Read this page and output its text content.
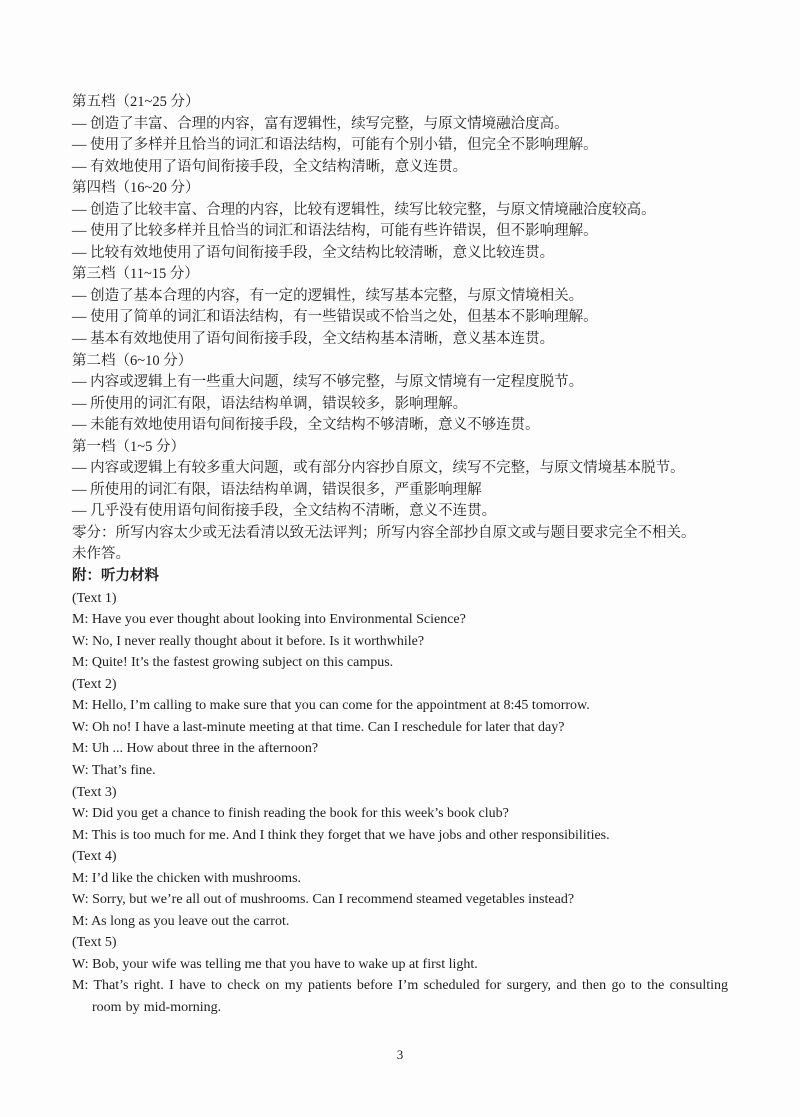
第五档（21~25 分）
— 创造了丰富、合理的内容，富有逻辑性，续写完整，与原文情境融洽度高。
— 使用了多样并且恰当的词汇和语法结构，可能有个别小错，但完全不影响理解。
— 有效地使用了语句间衔接手段，全文结构清晰，意义连贯。
第四档（16~20 分）
— 创造了比较丰富、合理的内容，比较有逻辑性，续写比较完整，与原文情境融洽度较高。
— 使用了比较多样并且恰当的词汇和语法结构，可能有些许错误，但不影响理解。
— 比较有效地使用了语句间衔接手段，全文结构比较清晰，意义比较连贯。
第三档（11~15 分）
— 创造了基本合理的内容，有一定的逻辑性，续写基本完整，与原文情境相关。
— 使用了简单的词汇和语法结构，有一些错误或不恰当之处，但基本不影响理解。
— 基本有效地使用了语句间衔接手段，全文结构基本清晰，意义基本连贯。
第二档（6~10 分）
— 内容或逻辑上有一些重大问题，续写不够完整，与原文情境有一定程度脱节。
— 所使用的词汇有限，语法结构单调，错误较多，影响理解。
— 未能有效地使用语句间衔接手段，全文结构不够清晰，意义不够连贯。
第一档（1~5 分）
— 内容或逻辑上有较多重大问题，或有部分内容抄自原文，续写不完整，与原文情境基本脱节。
— 所使用的词汇有限，语法结构单调，错误很多，严重影响理解
— 几乎没有使用语句间衔接手段，全文结构不清晰，意义不连贯。
零分：所写内容太少或无法看清以致无法评判；所写内容全部抄自原文或与题目要求完全不相关。
未作答。
附：听力材料
(Text 1)
M: Have you ever thought about looking into Environmental Science?
W: No, I never really thought about it before. Is it worthwhile?
M: Quite! It’s the fastest growing subject on this campus.
(Text 2)
M: Hello, I’m calling to make sure that you can come for the appointment at 8:45 tomorrow.
W: Oh no! I have a last-minute meeting at that time. Can I reschedule for later that day?
M: Uh ... How about three in the afternoon?
W: That’s fine.
(Text 3)
W: Did you get a chance to finish reading the book for this week’s book club?
M: This is too much for me. And I think they forget that we have jobs and other responsibilities.
(Text 4)
M: I’d like the chicken with mushrooms.
W: Sorry, but we’re all out of mushrooms. Can I recommend steamed vegetables instead?
M: As long as you leave out the carrot.
(Text 5)
W: Bob, your wife was telling me that you have to wake up at first light.
M: That’s right. I have to check on my patients before I’m scheduled for surgery, and then go to the consulting room by mid-morning.
3
